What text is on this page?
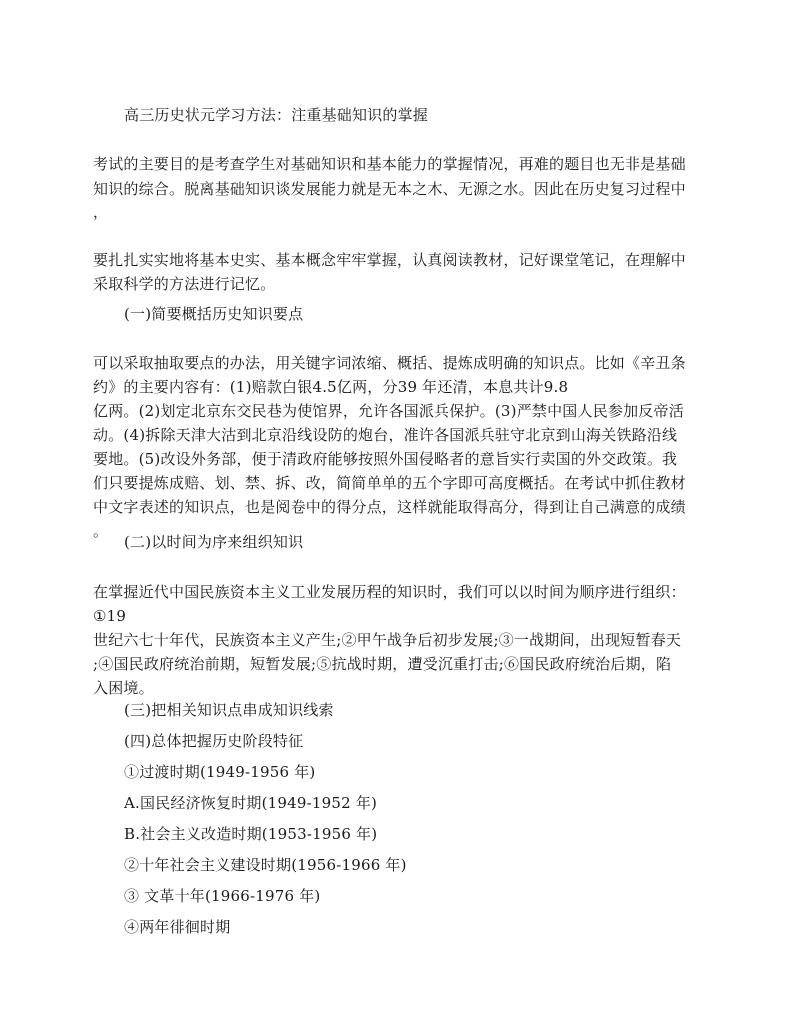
高三历史状元学习方法：注重基础知识的掌握
考试的主要目的是考查学生对基础知识和基本能力的掌握情况，再难的题目也无非是基础
知识的综合。脱离基础知识谈发展能力就是无本之木、无源之水。因此在历史复习过程中
，
要扎扎实实地将基本史实、基本概念牢牢掌握，认真阅读教材，记好课堂笔记，在理解中
采取科学的方法进行记忆。
(一)简要概括历史知识要点
可以采取抽取要点的办法，用关键字词浓缩、概括、提炼成明确的知识点。比如《辛丑条
约》的主要内容有：(1)赔款白银4.5亿两，分39 年还清，本息共计9.8
亿两。(2)划定北京东交民巷为使馆界，允许各国派兵保护。(3)严禁中国人民参加反帝活
动。(4)拆除天津大沽到北京沿线设防的炮台，准许各国派兵驻守北京到山海关铁路沿线
要地。(5)改设外务部，便于清政府能够按照外国侵略者的意旨实行卖国的外交政策。我
们只要提炼成赔、划、禁、拆、改，简简单单的五个字即可高度概括。在考试中抓住教材
中文字表述的知识点，也是阅卷中的得分点，这样就能取得高分，得到让自己满意的成绩
。
(二)以时间为序来组织知识
在掌握近代中国民族资本主义工业发展历程的知识时，我们可以以时间为顺序进行组织：
①19
世纪六七十年代，民族资本主义产生;②甲午战争后初步发展;③一战期间，出现短暂春天
;④国民政府统治前期，短暂发展;⑤抗战时期，遭受沉重打击;⑥国民政府统治后期，陷
入困境。
(三)把相关知识点串成知识线索
(四)总体把握历史阶段特征
①过渡时期(1949-1956 年)
A.国民经济恢复时期(1949-1952 年)
B.社会主义改造时期(1953-1956 年)
②十年社会主义建设时期(1956-1966 年)
③ 文革十年(1966-1976 年)
④两年徘徊时期
